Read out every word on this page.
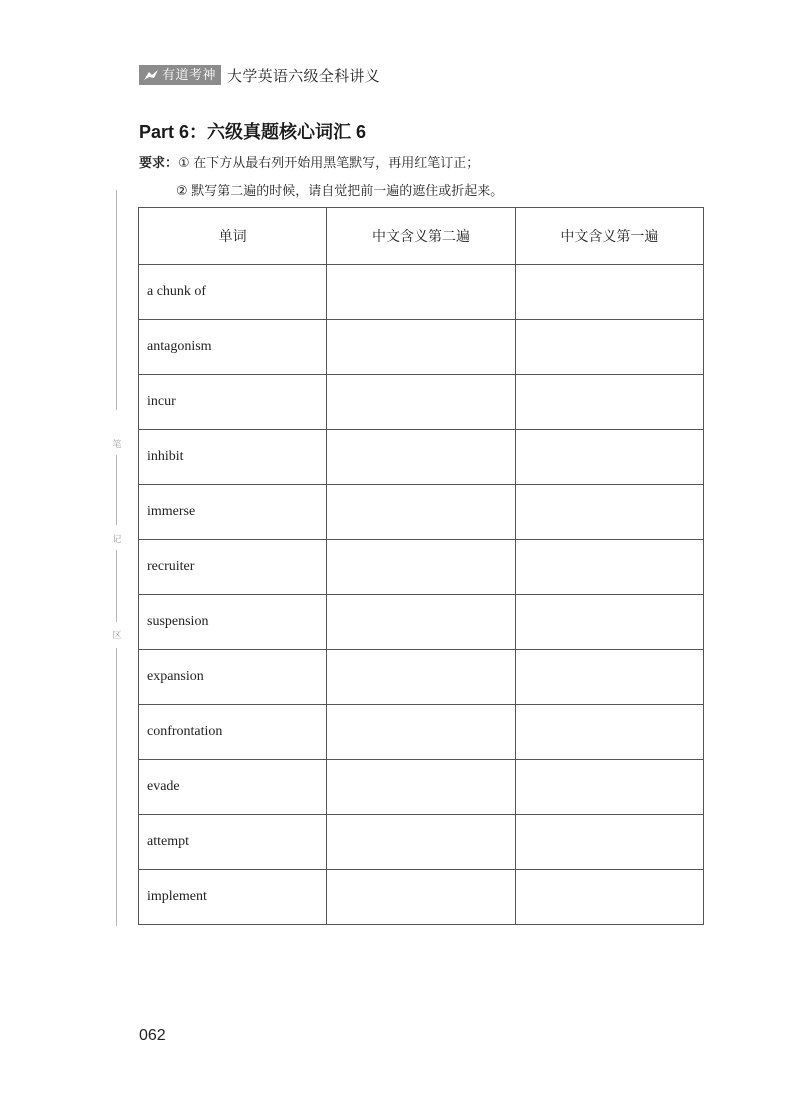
有道考神 大学英语六级全科讲义
Part 6：六级真题核心词汇 6
要求：① 在下方从最右列开始用黑笔默写，再用红笔订正；
② 默写第二遍的时候，请自觉把前一遍的遮住或折起来。
笔
记
区
单词	中文含义第二遍	中文含义第一遍
a chunk of		
antagonism		
incur		
inhibit		
immerse		
recruiter		
suspension		
expansion		
confrontation		
evade		
attempt		
implement		
062
